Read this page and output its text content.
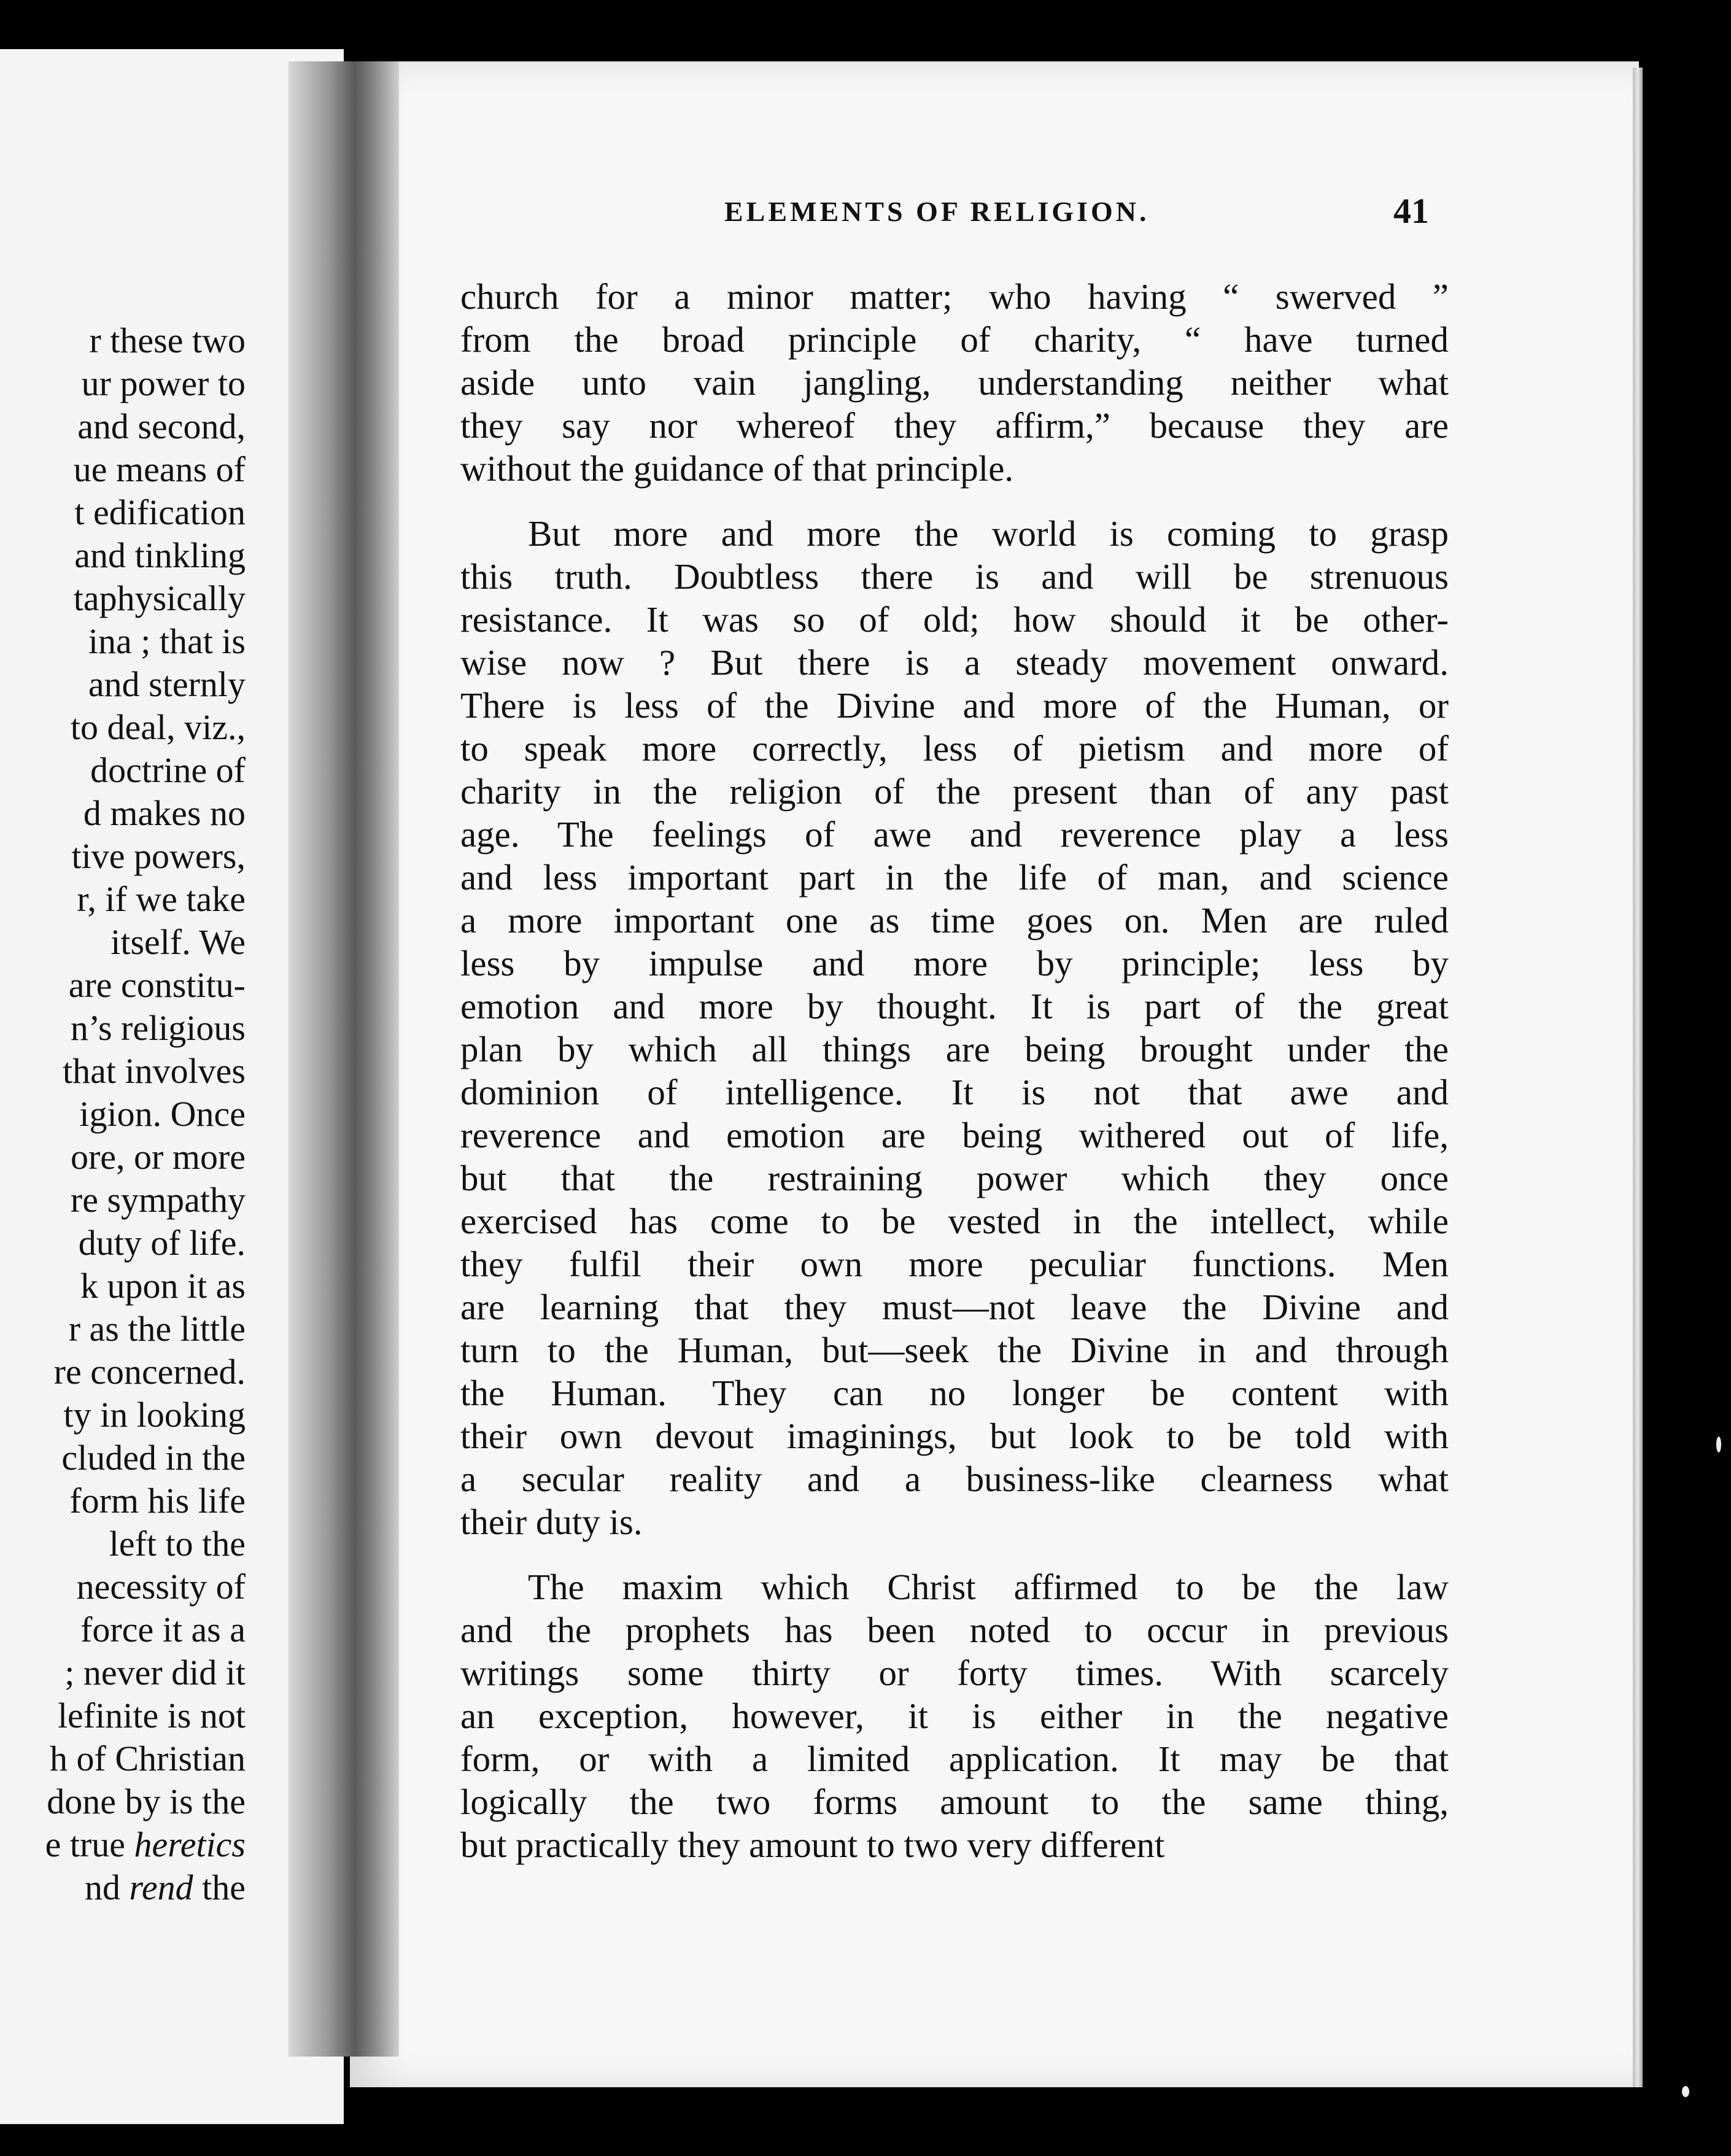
r these two
ur power to
and second,
ue means of
t edification
and tinkling
taphysically
ina ; that is
and sternly
to deal, viz.,
doctrine of
d makes no
tive powers,
r, if we take
itself. We
are constitu-
n’s religious
that involves
igion. Once
ore, or more
re sympathy
duty of life.
k upon it as
r as the little
re concerned.
ty in looking
cluded in the
form his life
left to the
necessity of
force it as a
; never did it
lefinite is not
h of Christian
done by is the
e true heretics
nd rend the
ELEMENTS OF RELIGION.	41
church for a minor matter; who having “ swerved ”
from the broad principle of charity, “ have turned
aside unto vain jangling, understanding neither what
they say nor whereof they affirm,” because they are
without the guidance of that principle.
But more and more the world is coming to grasp
this truth. Doubtless there is and will be strenuous
resistance. It was so of old; how should it be other-
wise now ? But there is a steady movement onward.
There is less of the Divine and more of the Human, or
to speak more correctly, less of pietism and more of
charity in the religion of the present than of any past
age. The feelings of awe and reverence play a less
and less important part in the life of man, and science
a more important one as time goes on. Men are ruled
less by impulse and more by principle; less by
emotion and more by thought. It is part of the great
plan by which all things are being brought under the
dominion of intelligence. It is not that awe and
reverence and emotion are being withered out of life,
but that the restraining power which they once
exercised has come to be vested in the intellect, while
they fulfil their own more peculiar functions. Men
are learning that they must—not leave the Divine and
turn to the Human, but—seek the Divine in and through
the Human. They can no longer be content with
their own devout imaginings, but look to be told with
a secular reality and a business-like clearness what
their duty is.
The maxim which Christ affirmed to be the law
and the prophets has been noted to occur in previous
writings some thirty or forty times. With scarcely
an exception, however, it is either in the negative
form, or with a limited application. It may be that
logically the two forms amount to the same thing,
but practically they amount to two very different
